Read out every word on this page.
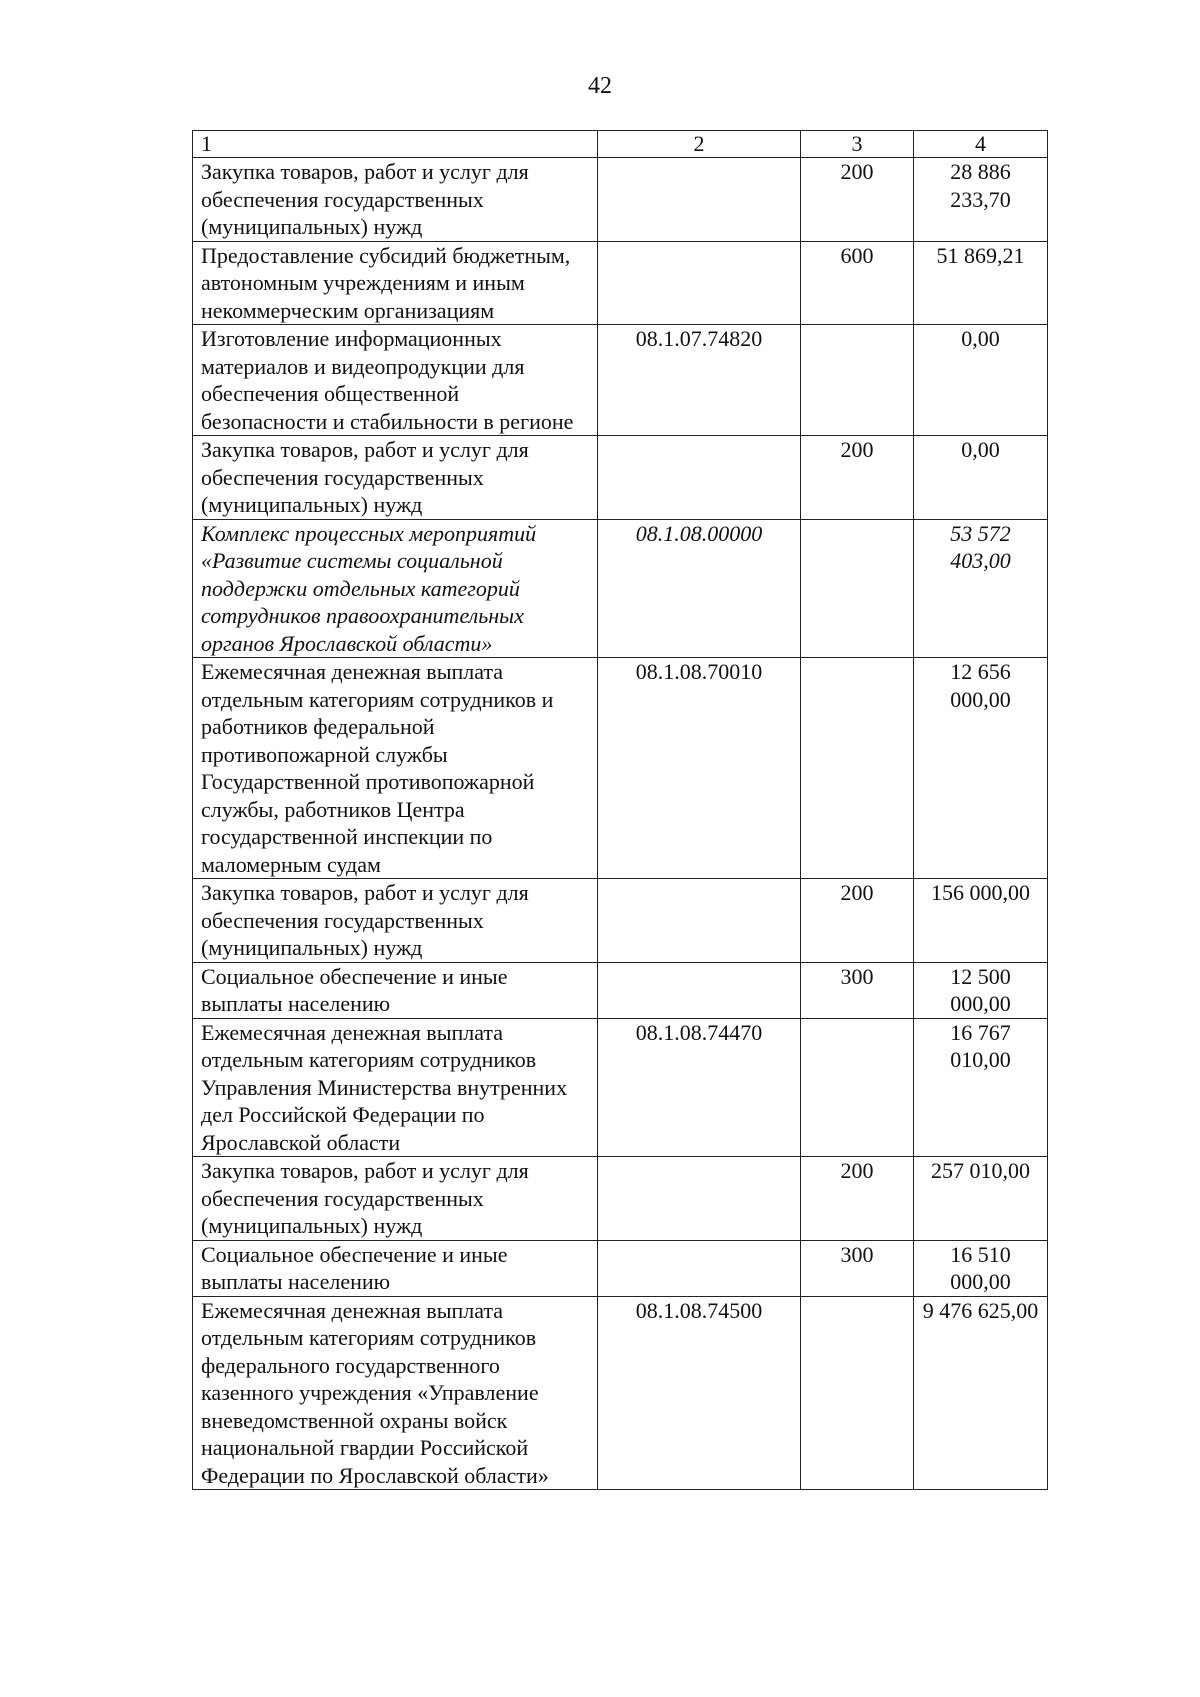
42
1	2	3	4
Закупка товаров, работ и услуг для обеспечения государственных (муниципальных) нужд		200	28 886 233,70
Предоставление субсидий бюджетным, автономным учреждениям и иным некоммерческим организациям		600	51 869,21
Изготовление информационных материалов и видеопродукции для обеспечения общественной безопасности и стабильности в регионе	08.1.07.74820		0,00
Закупка товаров, работ и услуг для обеспечения государственных (муниципальных) нужд		200	0,00
Комплекс процессных мероприятий «Развитие системы социальной поддержки отдельных категорий сотрудников правоохранительных органов Ярославской области»	08.1.08.00000		53 572 403,00
Ежемесячная денежная выплата отдельным категориям сотрудников и работников федеральной противопожарной службы Государственной противопожарной службы, работников Центра государственной инспекции по маломерным судам	08.1.08.70010		12 656 000,00
Закупка товаров, работ и услуг для обеспечения государственных (муниципальных) нужд		200	156 000,00
Социальное обеспечение и иные выплаты населению		300	12 500 000,00
Ежемесячная денежная выплата отдельным категориям сотрудников Управления Министерства внутренних дел Российской Федерации по Ярославской области	08.1.08.74470		16 767 010,00
Закупка товаров, работ и услуг для обеспечения государственных (муниципальных) нужд		200	257 010,00
Социальное обеспечение и иные выплаты населению		300	16 510 000,00
Ежемесячная денежная выплата отдельным категориям сотрудников федерального государственного казенного учреждения «Управление вневедомственной охраны войск национальной гвардии Российской Федерации по Ярославской области»	08.1.08.74500		9 476 625,00
